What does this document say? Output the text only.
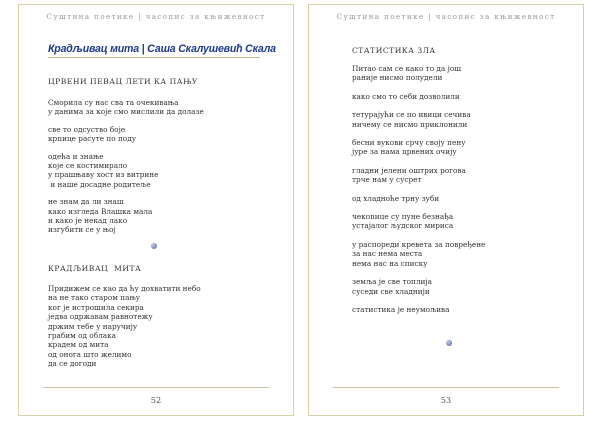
Суштина поетике | часопис за књижевност
Крадљивац мита | Саша Скалушевић Скала
ЦРВЕНИ ПЕВАЦ ЛЕТИ КА ПАЊУ
Сморила су нас сва та очекивања
у данима за које смо мислили да долазе
све то одсуство боје
крпице расуте по поду
одећа и знање
које се костимирало
у прашњаву хост из витрине
и наше досадне родитеље
не знам да ли знаш
како изгледа Влашка мала
и како је некад лако
изгубити се у њој
КРАДЉИВАЦ  МИТА
Придижем се као да ћу дохватити небо
на не тако старом пању
ког је истрошила секира
једва одржавам равнотежу
држим тебе у наручију
грабим од облака
крадем од мита
од онога што желимо
да се догоди
52
Суштина поетике | часопис за књижевност
СТАТИСТИКА ЗЛА
Питао сам се како то да још
раније нисмо полудели
како смо то себи дозволили
тетурајући се по ивици сечива
ничему се нисмо приклонили
бесни вукови срчу своју пену
јуре за нама црвених очију
гладни јелени оштрих рогова
трче нам у сусрет
од хладноће трну зуби
чекоnице су пуне безнађа
устајалог људског мириса
у распореди кревета за повређене
за нас нема места
нема нас на списку
земља је све топлија
суседи све хладнији
статистика је неумољива
53
